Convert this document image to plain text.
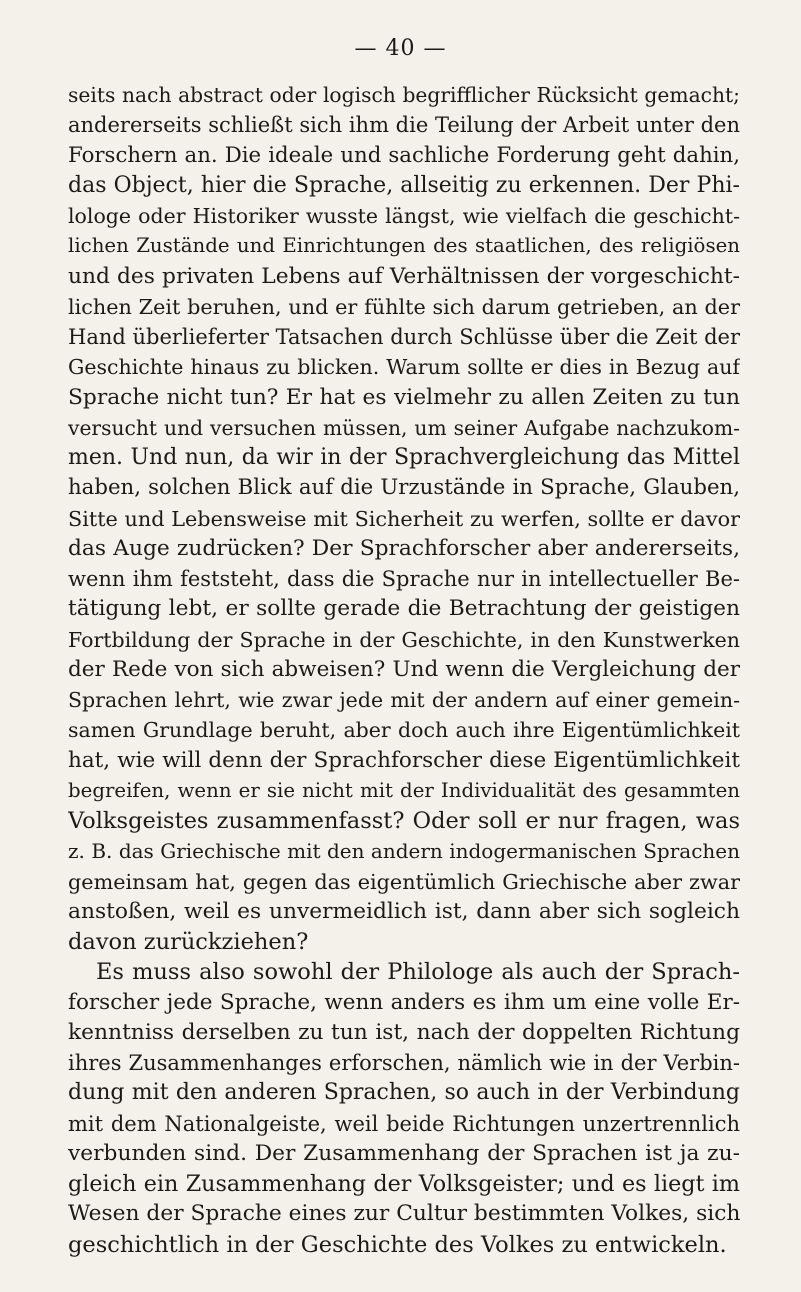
— 40 —
seits nach abstract oder logisch begrifflicher Rücksicht gemacht;
andererseits schließt sich ihm die Teilung der Arbeit unter den
Forschern an. Die ideale und sachliche Forderung geht dahin,
das Object, hier die Sprache, allseitig zu erkennen. Der Phi-
lologe oder Historiker wusste längst, wie vielfach die geschicht-
lichen Zustände und Einrichtungen des staatlichen, des religiösen
und des privaten Lebens auf Verhältnissen der vorgeschicht-
lichen Zeit beruhen, und er fühlte sich darum getrieben, an der
Hand überlieferter Tatsachen durch Schlüsse über die Zeit der
Geschichte hinaus zu blicken. Warum sollte er dies in Bezug auf
Sprache nicht tun? Er hat es vielmehr zu allen Zeiten zu tun
versucht und versuchen müssen, um seiner Aufgabe nachzukom-
men. Und nun, da wir in der Sprachvergleichung das Mittel
haben, solchen Blick auf die Urzustände in Sprache, Glauben,
Sitte und Lebensweise mit Sicherheit zu werfen, sollte er davor
das Auge zudrücken? Der Sprachforscher aber andererseits,
wenn ihm feststeht, dass die Sprache nur in intellectueller Be-
tätigung lebt, er sollte gerade die Betrachtung der geistigen
Fortbildung der Sprache in der Geschichte, in den Kunstwerken
der Rede von sich abweisen? Und wenn die Vergleichung der
Sprachen lehrt, wie zwar jede mit der andern auf einer gemein-
samen Grundlage beruht, aber doch auch ihre Eigentümlichkeit
hat, wie will denn der Sprachforscher diese Eigentümlichkeit
begreifen, wenn er sie nicht mit der Individualität des gesammten
Volksgeistes zusammenfasst? Oder soll er nur fragen, was
z. B. das Griechische mit den andern indogermanischen Sprachen
gemeinsam hat, gegen das eigentümlich Griechische aber zwar
anstoßen, weil es unvermeidlich ist, dann aber sich sogleich
davon zurückziehen?
Es muss also sowohl der Philologe als auch der Sprach-
forscher jede Sprache, wenn anders es ihm um eine volle Er-
kenntniss derselben zu tun ist, nach der doppelten Richtung
ihres Zusammenhanges erforschen, nämlich wie in der Verbin-
dung mit den anderen Sprachen, so auch in der Verbindung
mit dem Nationalgeiste, weil beide Richtungen unzertrennlich
verbunden sind. Der Zusammenhang der Sprachen ist ja zu-
gleich ein Zusammenhang der Volksgeister; und es liegt im
Wesen der Sprache eines zur Cultur bestimmten Volkes, sich
geschichtlich in der Geschichte des Volkes zu entwickeln.
